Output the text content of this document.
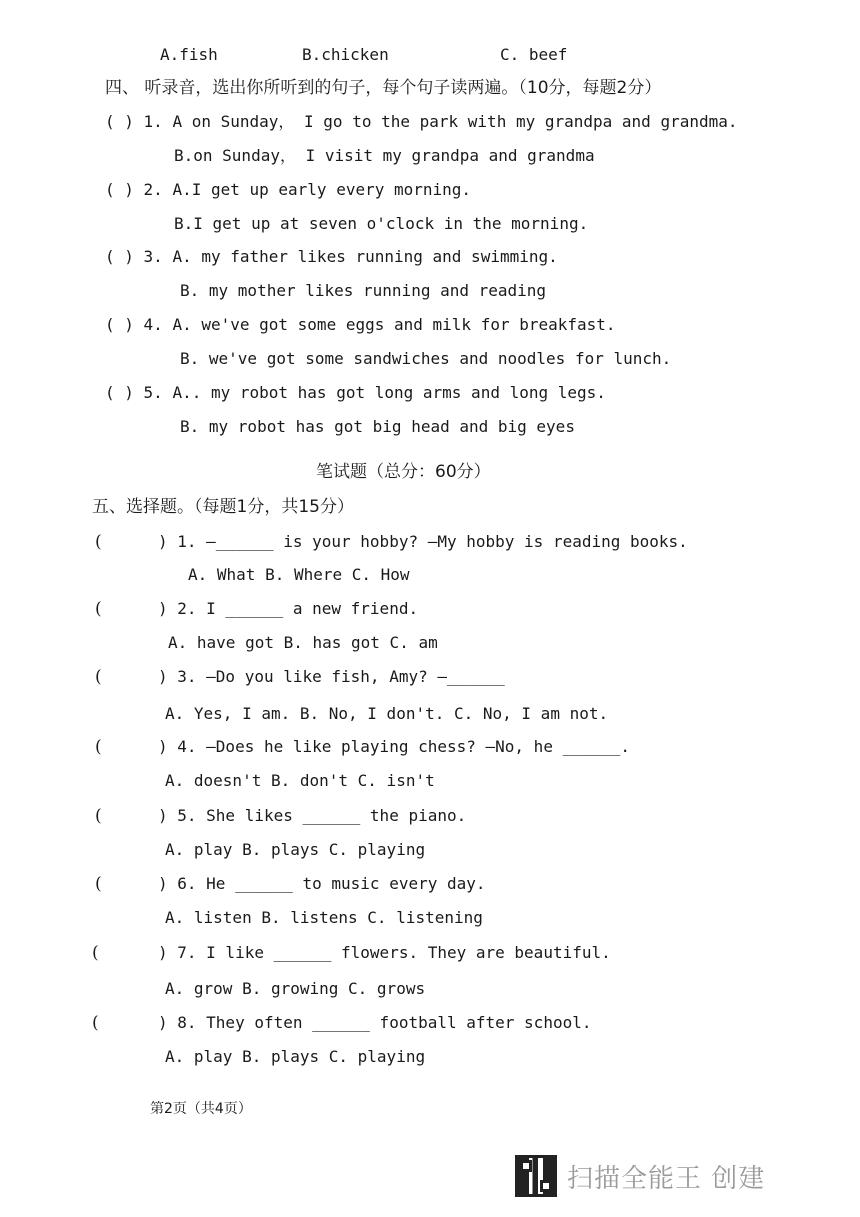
A.fish	B.chicken	C. beef
四、 听录音，选出你所听到的句子，每个句子读两遍。（10分，每题2分）
( ) 1. A on Sunday， I go to the park with my grandpa and grandma.
B.on Sunday， I visit my grandpa and grandma
( ) 2. A.I get up early every morning.
B.I get up at seven o'clock in the morning.
( ) 3. A. my father likes running and swimming.
B. my mother likes running and reading
( ) 4. A. we've got some eggs and milk for breakfast.
B. we've got some sandwiches and noodles for lunch.
( ) 5. A.. my robot has got long arms and long legs.
B. my robot has got big head and big eyes
笔试题（总分：60分）
五、选择题。（每题1分，共15分）
(	) 1. —______ is your hobby? —My hobby is reading books.
A. What B. Where C. How
(	) 2. I ______ a new friend.
A. have got B. has got C. am
(	) 3. —Do you like fish, Amy? —______
A. Yes, I am. B. No, I don't. C. No, I am not.
(	) 4. —Does he like playing chess? —No, he ______.
A. doesn't B. don't C. isn't
(	) 5. She likes ______ the piano.
A. play B. plays C. playing
(	) 6. He ______ to music every day.
A. listen B. listens C. listening
(	) 7. I like ______ flowers. They are beautiful.
A. grow B. growing C. grows
(	) 8. They often ______ football after school.
A. play B. plays C. playing
第2页（共4页）
扫描全能王 创建
